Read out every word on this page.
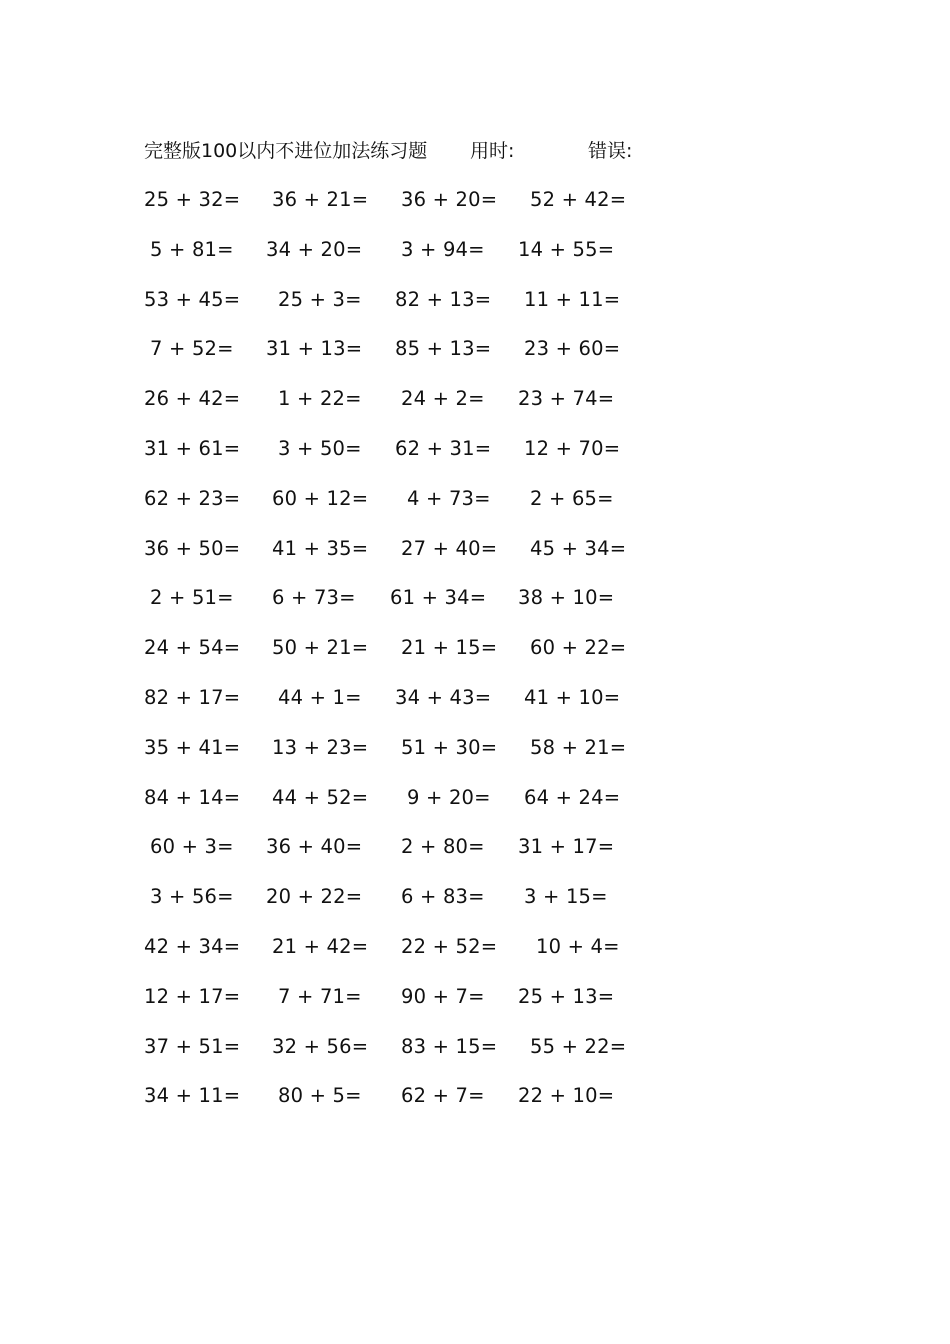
完整版100以内不进位加法练习题 用时:	错误:
25 + 32= 36 + 21= 36 + 20= 52 + 42=
5 + 81= 34 + 20= 3 + 94= 14 + 55=
53 + 45= 25 + 3= 82 + 13= 11 + 11=
7 + 52= 31 + 13= 85 + 13= 23 + 60=
26 + 42= 1 + 22= 24 + 2= 23 + 74=
31 + 61= 3 + 50= 62 + 31= 12 + 70=
62 + 23= 60 + 12= 4 + 73= 2 + 65=
36 + 50= 41 + 35= 27 + 40= 45 + 34=
2 + 51= 6 + 73= 61 + 34= 38 + 10=
24 + 54= 50 + 21= 21 + 15= 60 + 22=
82 + 17= 44 + 1= 34 + 43= 41 + 10=
35 + 41= 13 + 23= 51 + 30= 58 + 21=
84 + 14= 44 + 52= 9 + 20= 64 + 24=
60 + 3= 36 + 40= 2 + 80= 31 + 17=
3 + 56= 20 + 22= 6 + 83= 3 + 15=
42 + 34= 21 + 42= 22 + 52= 10 + 4=
12 + 17= 7 + 71= 90 + 7= 25 + 13=
37 + 51= 32 + 56= 83 + 15= 55 + 22=
34 + 11= 80 + 5= 62 + 7= 22 + 10=
